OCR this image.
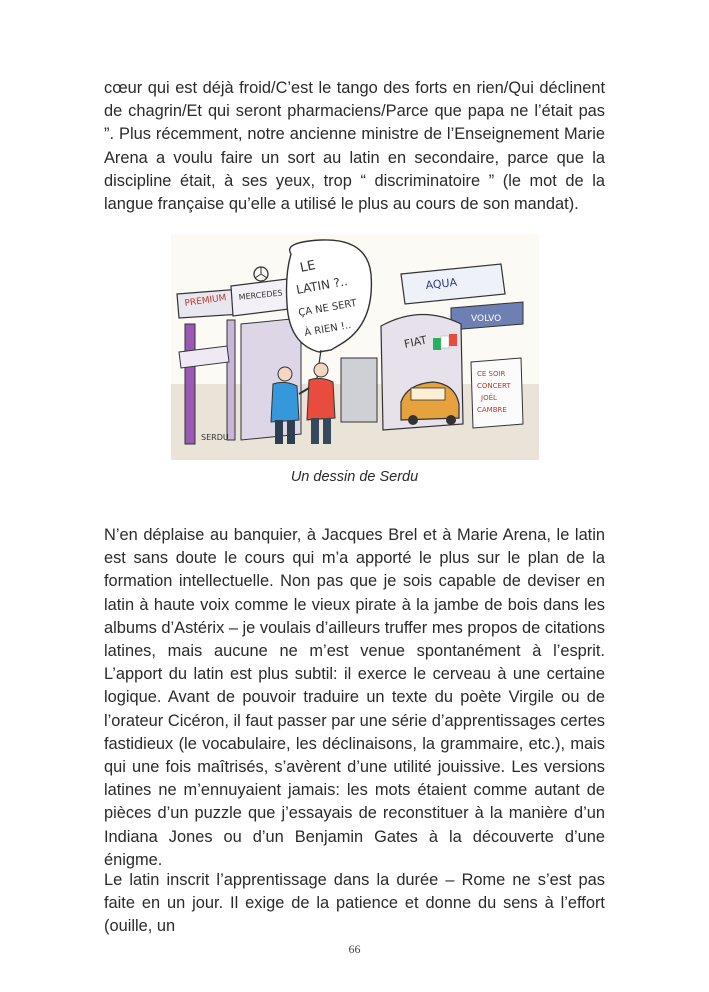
cœur qui est déjà froid/C’est le tango des forts en rien/Qui déclinent de chagrin/Et qui seront pharmaciens/Parce que papa ne l’était pas ”. Plus récemment, notre ancienne ministre de l’Enseignement Marie Arena a voulu faire un sort au latin en secondaire, parce que la discipline était, à ses yeux, trop “ discriminatoire ” (le mot de la langue française qu’elle a utilisé le plus au cours de son mandat).

PREMIUM MERCEDES
LE
LATIN ?..
ÇA NE SERT
À RIEN !..
AQUA
VOLVO
FIAT
CE SOIR
CONCERT
JOËL
CAMBRE
SERDU
Un dessin de Serdu

N’en déplaise au banquier, à Jacques Brel et à Marie Arena, le latin est sans doute le cours qui m’a apporté le plus sur le plan de la formation intellectuelle. Non pas que je sois capable de deviser en latin à haute voix comme le vieux pirate à la jambe de bois dans les albums d’Astérix – je voulais d’ailleurs truffer mes propos de citations latines, mais aucune ne m’est venue spontanément à l’esprit. L’apport du latin est plus subtil: il exerce le cerveau à une certaine logique. Avant de pouvoir traduire un texte du poète Virgile ou de l’orateur Cicéron, il faut passer par une série d’apprentissages certes fastidieux (le vocabulaire, les déclinaisons, la grammaire, etc.), mais qui une fois maîtrisés, s’avèrent d’une utilité jouissive. Les versions latines ne m’ennuyaient jamais: les mots étaient comme autant de pièces d’un puzzle que j’essayais de reconstituer à la manière d’un Indiana Jones ou d’un Benjamin Gates à la découverte d’une énigme.

Le latin inscrit l’apprentissage dans la durée – Rome ne s’est pas faite en un jour. Il exige de la patience et donne du sens à l’effort (ouille, un

66
